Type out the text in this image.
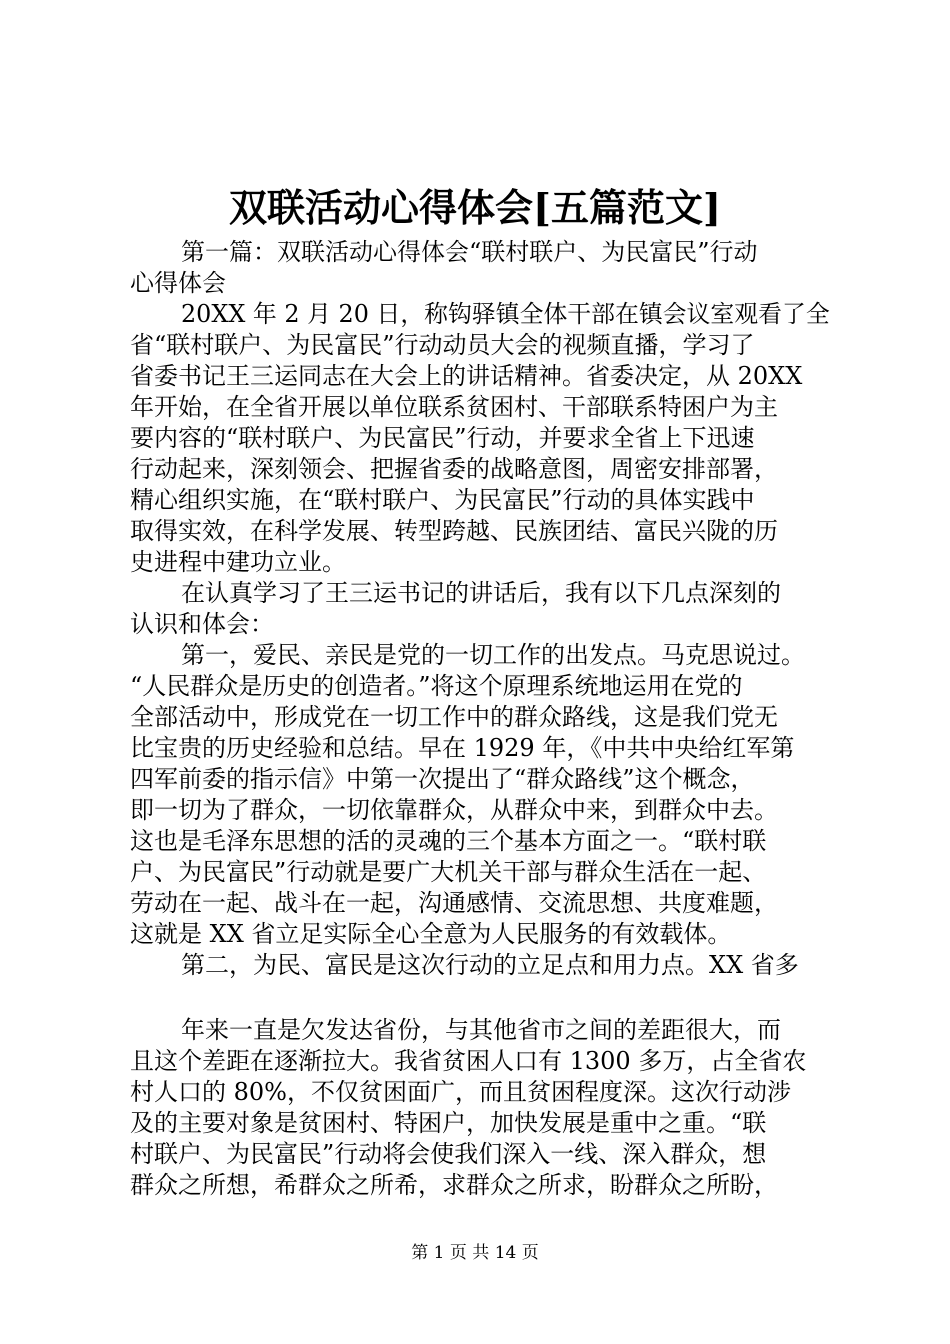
双联活动心得体会[五篇范文]
第一篇：双联活动心得体会“联村联户、为民富民”行动
心得体会
20XX 年 2 月 20 日，称钩驿镇全体干部在镇会议室观看了全
省“联村联户、为民富民”行动动员大会的视频直播，学习了
省委书记王三运同志在大会上的讲话精神。省委决定，从 20XX
年开始，在全省开展以单位联系贫困村、干部联系特困户为主
要内容的“联村联户、为民富民”行动，并要求全省上下迅速
行动起来，深刻领会、把握省委的战略意图，周密安排部署，
精心组织实施，在“联村联户、为民富民”行动的具体实践中
取得实效，在科学发展、转型跨越、民族团结、富民兴陇的历
史进程中建功立业。
在认真学习了王三运书记的讲话后，我有以下几点深刻的
认识和体会：
第一，爱民、亲民是党的一切工作的出发点。马克思说过。
“人民群众是历史的创造者。”将这个原理系统地运用在党的
全部活动中，形成党在一切工作中的群众路线，这是我们党无
比宝贵的历史经验和总结。早在 1929 年，《中共中央给红军第
四军前委的指示信》中第一次提出了“群众路线”这个概念，
即一切为了群众，一切依靠群众，从群众中来，到群众中去。
这也是毛泽东思想的活的灵魂的三个基本方面之一。“联村联
户、为民富民”行动就是要广大机关干部与群众生活在一起、
劳动在一起、战斗在一起，沟通感情、交流思想、共度难题，
这就是 XX 省立足实际全心全意为人民服务的有效载体。
第二，为民、富民是这次行动的立足点和用力点。XX 省多
年来一直是欠发达省份，与其他省市之间的差距很大，而
且这个差距在逐渐拉大。我省贫困人口有 1300 多万，占全省农
村人口的 80%，不仅贫困面广，而且贫困程度深。这次行动涉
及的主要对象是贫困村、特困户，加快发展是重中之重。“联
村联户、为民富民”行动将会使我们深入一线、深入群众，想
群众之所想，希群众之所希，求群众之所求，盼群众之所盼，
第 1 页 共 14 页
